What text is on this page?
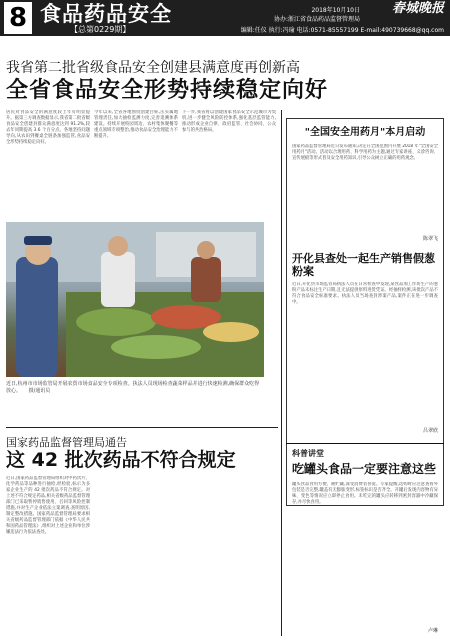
8 食品药品安全
【总第0229期】
春城晚报
2018年10月10日
协办:浙江省食品药品监督管理局
编辑:任仪 执行:冯瑜 电话:0571-85557199 E-mail:490739668@qq.com
我省第二批省级食品安全创建县满意度再创新高
全省食品安全形势持续稳定向好
居民对食品安全的满意度较上年有明显提升。据第三方调查数据显示,我省第二批省级食品安全创建县群众满意度达到 91.2%,较去年同期提高 3.6 个百分点。各地坚持问题导向,从农田到餐桌全链条加强监管,食品安全形势持续稳定向好。
今年以来,全省各地围绕创建目标,压实属地管理责任,加大抽检监测力度,完善追溯体系建设。持续开展校园周边、农村集体聚餐等重点领域专项整治,推动食品安全治理能力不断提升。
下一步,我省将以创建国家食品安全示范城市为契机,进一步健全风险防控体系,强化基层监管能力,推动形成企业自律、政府监管、社会协同、公众参与的共治格局。
近日,杭州市市场监管局开展农贸市场食品安全专项检查。执法人员现场检查蔬菜样品并进行快速检测,确保群众吃得放心。 摄/通讯员
国家药品监督管理局通告
这 42 批次药品不符合规定
近日,国家药品监督管理局组织对中药饮片、化学药品等品种进行抽检,经检验,标示为多家企业生产的 42 批次药品不符合规定。对上述不符合规定药品,相关省级药品监督管理部门已采取暂停销售使用、召回等风险控制措施,并对生产企业依法立案调查,查明原因,制定整改措施。国家药品监督管理局要求相关省级药品监督管理部门依据《中华人民共和国药品管理法》,组织对上述企业和单位涉嫌违法行为依法查处。
"全国安全用药月"本月启动
国家药品监督管理局近日发布通知,决定在全国范围内开展 2018 年"全国安全用药月"活动。活动以合理用药、科学用药为主题,通过专家讲座、义诊咨询、宣传展板等形式普及安全用药知识,引导公众树立正确的用药观念。
陈翠飞
开化县查处一起生产销售假葱粉案
近日,开化县市场监管局执法人员在日常检查中发现,某食品加工作坊生产的葱粉产品未标注生产日期,且无法提供原料进货凭证。经抽样检测,该批次产品不符合食品安全标准要求。执法人员当场查封涉案产品,案件正在进一步调查中。
吕翠欣
科普讲堂
吃罐头食品一定要注意这些
罐头食品食用方便、耐贮藏,深受消费者喜爱。专家提醒,选购时应注意查看外包装是否完整,罐盖有无膨胀变形,标签标识是否齐全。开罐后发现内容物有异味、变色等情况应立即停止食用。未吃完的罐头应转移到密封容器中冷藏保存,并尽快食用。
卢琳
